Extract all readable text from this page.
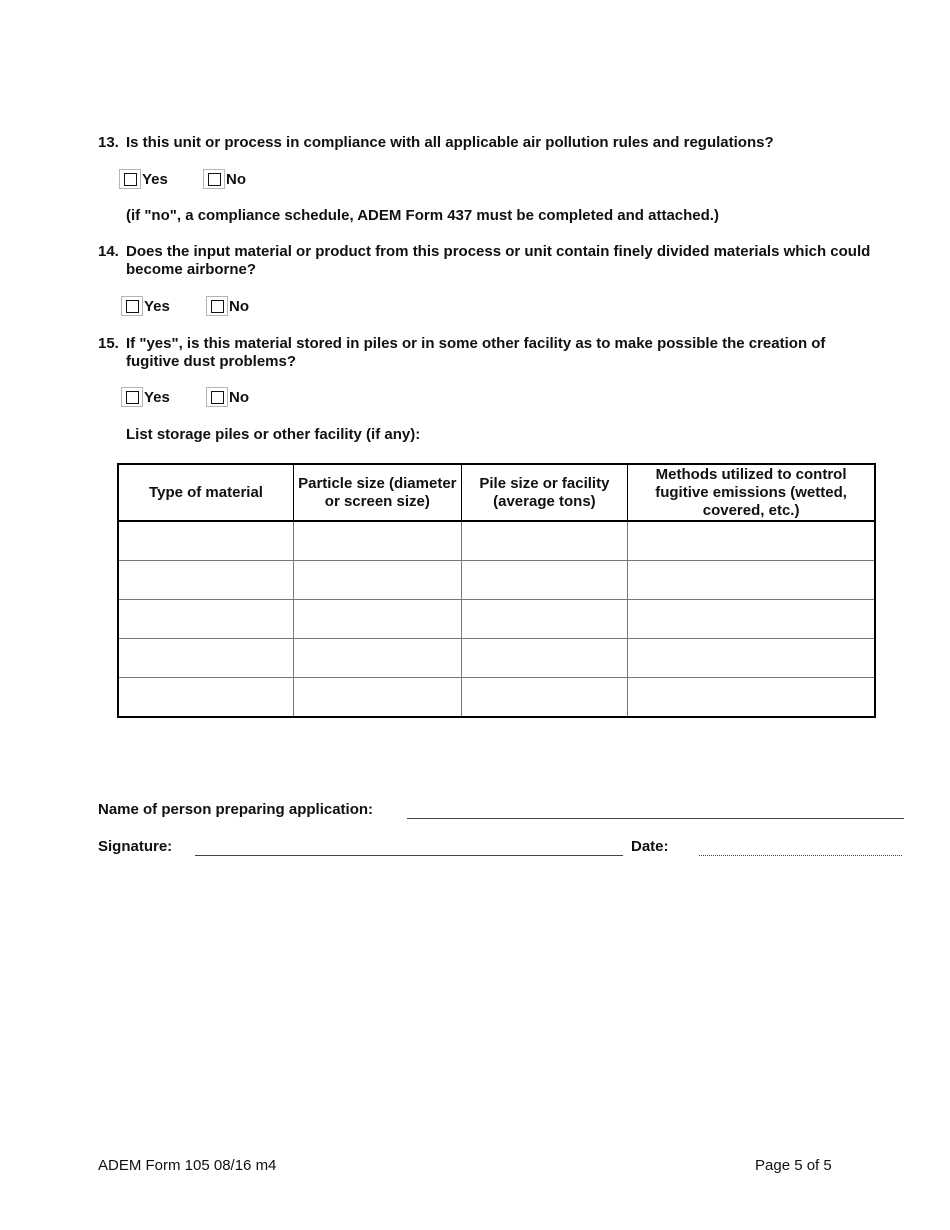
13. Is this unit or process in compliance with all applicable air pollution rules and regulations?
Yes	No
(if "no", a compliance schedule, ADEM Form 437 must be completed and attached.)
14. Does the input material or product from this process or unit contain finely divided materials which could become airborne?
Yes	No
15. If "yes", is this material stored in piles or in some other facility as to make possible the creation of fugitive dust problems?
Yes	No
List storage piles or other facility (if any):
Type of material	Particle size (diameter or screen size)	Pile size or facility (average tons)	Methods utilized to control fugitive emissions (wetted, covered, etc.)

Name of person preparing application:
Signature:	Date:
ADEM Form 105 08/16 m4	Page 5 of 5
